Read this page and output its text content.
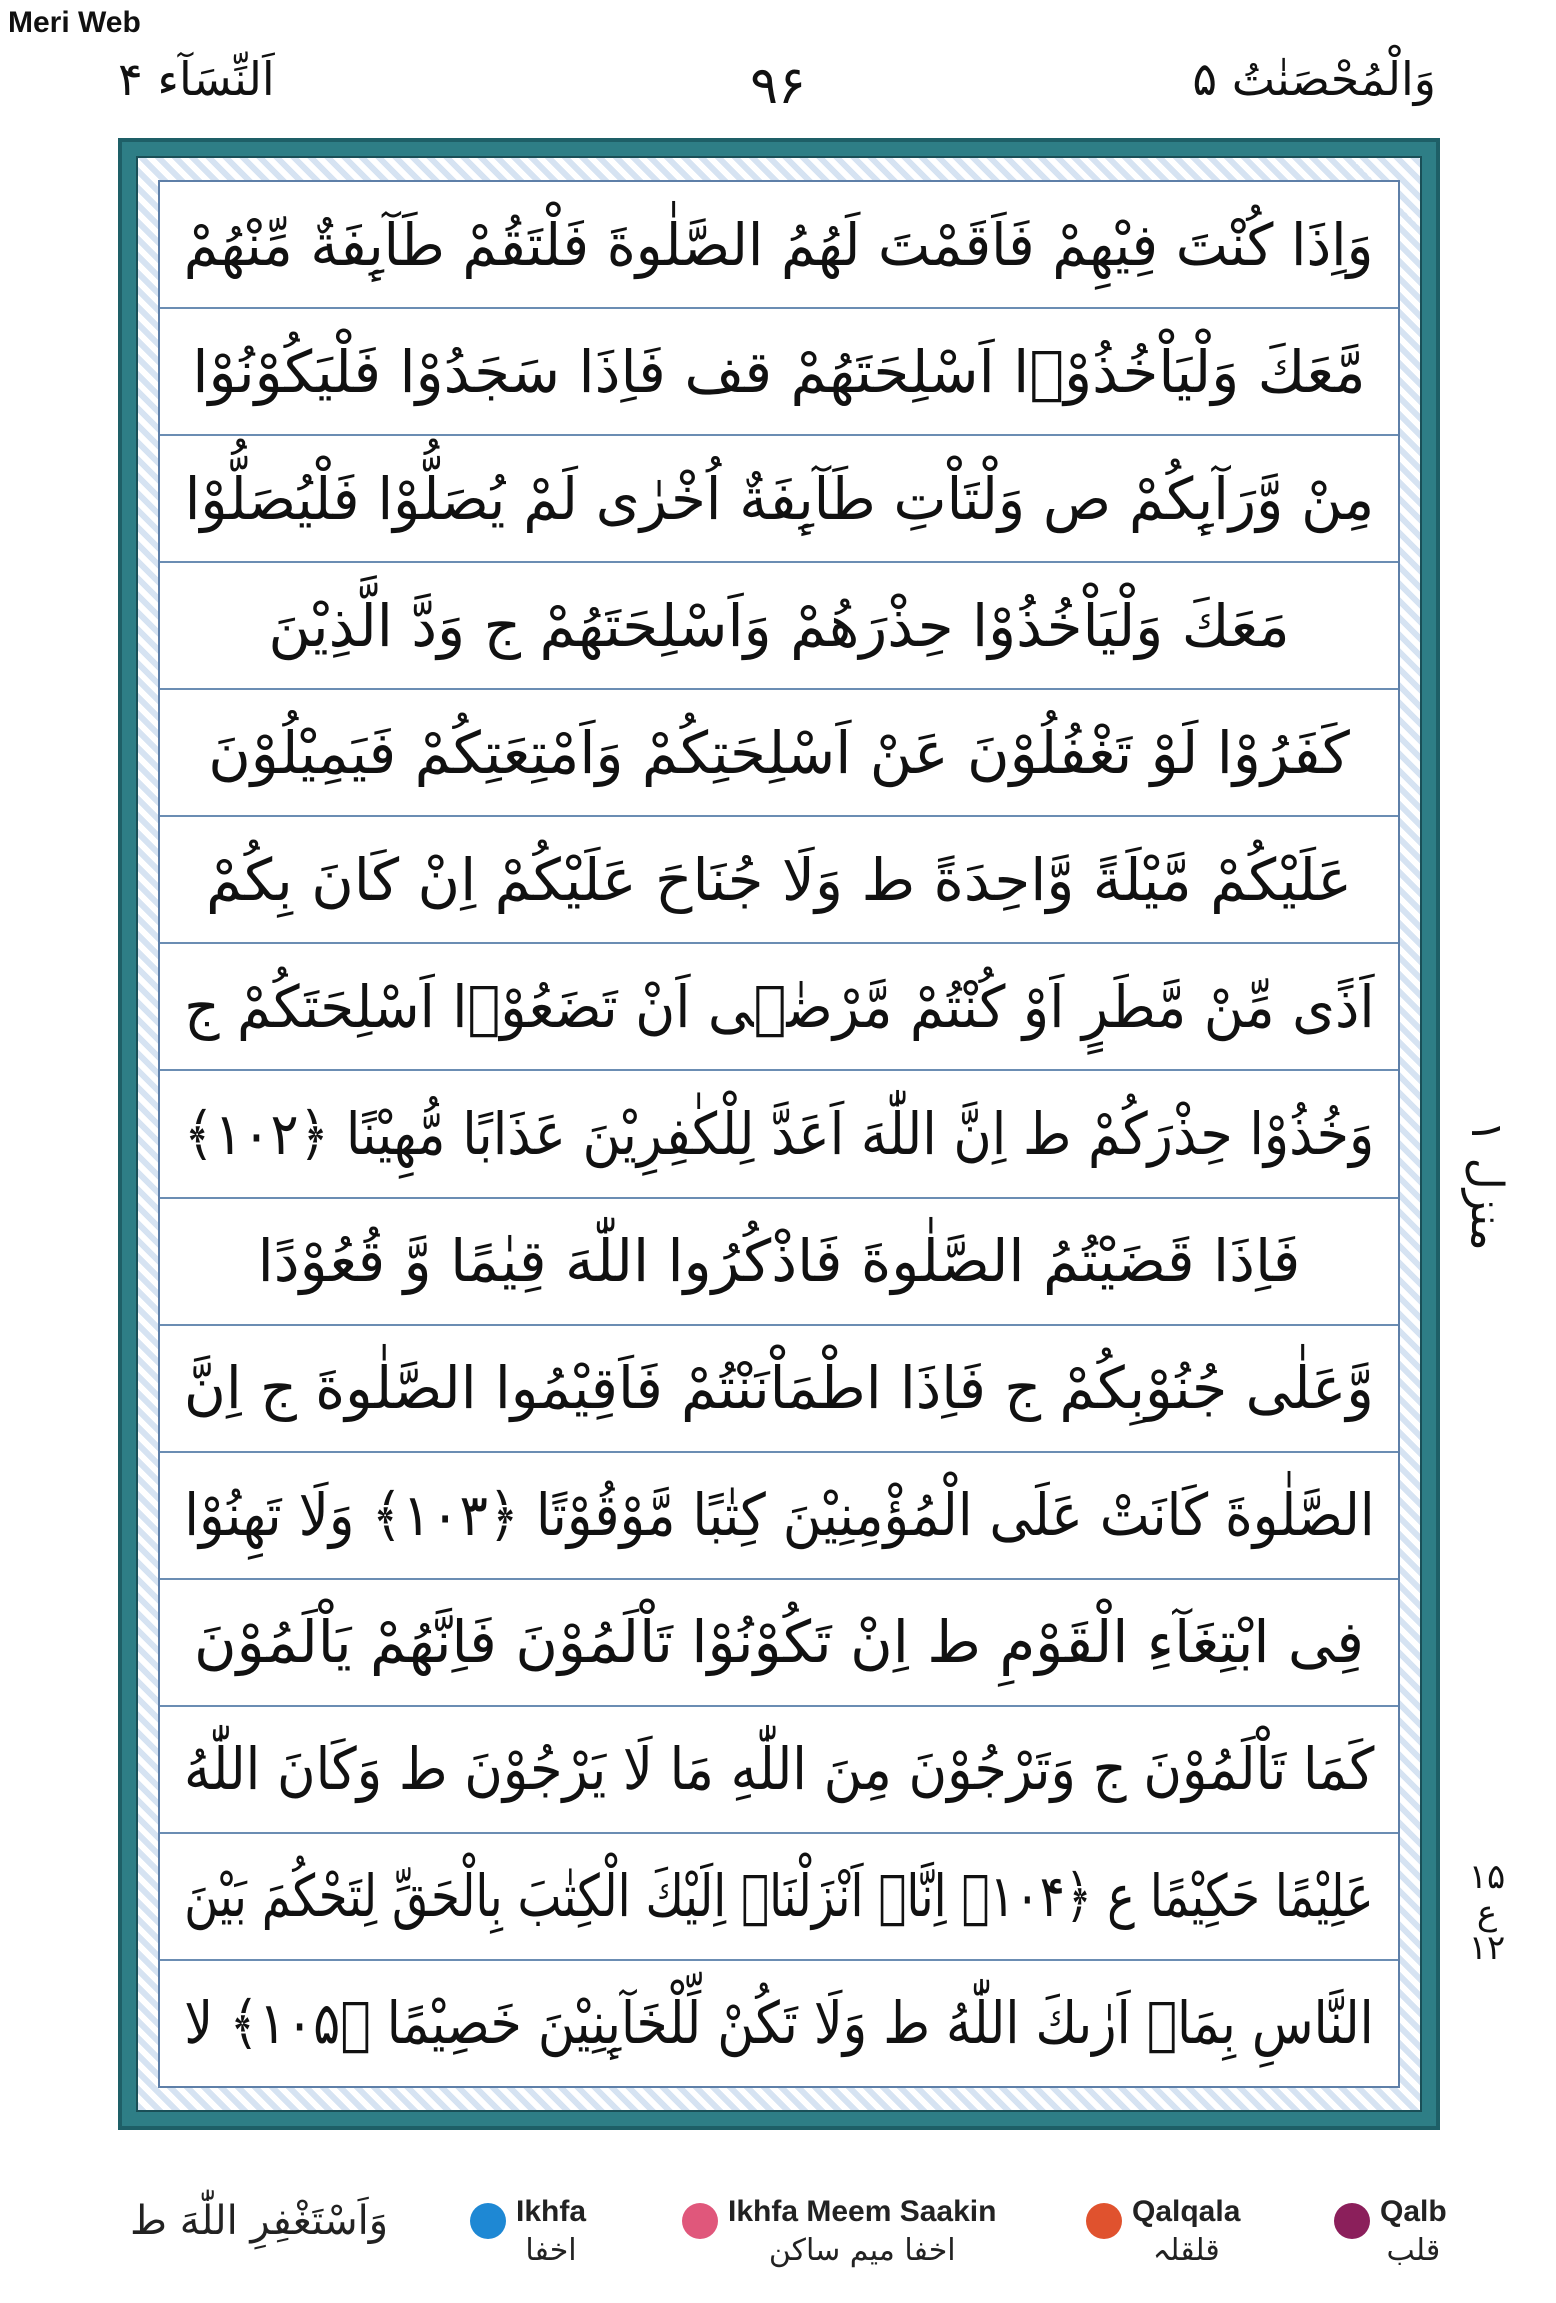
Meri Web
اَلنِّسَآء ۴	۹۶	وَالْمُحْصَنٰتُ ۵
وَاِذَا كُنْتَ فِيْهِمْ فَاَقَمْتَ لَهُمُ الصَّلٰوةَ فَلْتَقُمْ طَآىِٕفَةٌ مِّنْهُمْ
مَّعَكَ وَلْيَاْخُذُوْۤا اَسْلِحَتَهُمْ قف فَاِذَا سَجَدُوْا فَلْيَكُوْنُوْا
مِنْ وَّرَآىِٕكُمْ ص وَلْتَاْتِ طَآىِٕفَةٌ اُخْرٰى لَمْ يُصَلُّوْا فَلْيُصَلُّوْا
مَعَكَ وَلْيَاْخُذُوْا حِذْرَهُمْ وَاَسْلِحَتَهُمْ ج وَدَّ الَّذِيْنَ
كَفَرُوْا لَوْ تَغْفُلُوْنَ عَنْ اَسْلِحَتِكُمْ وَاَمْتِعَتِكُمْ فَيَمِيْلُوْنَ
عَلَيْكُمْ مَّيْلَةً وَّاحِدَةً ط وَلَا جُنَاحَ عَلَيْكُمْ اِنْ كَانَ بِكُمْ
اَذًى مِّنْ مَّطَرٍ اَوْ كُنْتُمْ مَّرْضٰۤى اَنْ تَضَعُوْۤا اَسْلِحَتَكُمْ ج
وَخُذُوْا حِذْرَكُمْ ط اِنَّ اللّٰهَ اَعَدَّ لِلْكٰفِرِيْنَ عَذَابًا مُّهِيْنًا ﴿۱۰۲﴾
فَاِذَا قَضَيْتُمُ الصَّلٰوةَ فَاذْكُرُوا اللّٰهَ قِيٰمًا وَّ قُعُوْدًا
وَّعَلٰى جُنُوْبِكُمْ ج فَاِذَا اطْمَاْنَنْتُمْ فَاَقِيْمُوا الصَّلٰوةَ ج اِنَّ
الصَّلٰوةَ كَانَتْ عَلَى الْمُؤْمِنِيْنَ كِتٰبًا مَّوْقُوْتًا ﴿۱۰۳﴾ وَلَا تَهِنُوْا
فِى ابْتِغَآءِ الْقَوْمِ ط اِنْ تَكُوْنُوْا تَاْلَمُوْنَ فَاِنَّهُمْ يَاْلَمُوْنَ
كَمَا تَاْلَمُوْنَ ج وَتَرْجُوْنَ مِنَ اللّٰهِ مَا لَا يَرْجُوْنَ ط وَكَانَ اللّٰهُ
عَلِيْمًا حَكِيْمًا ع ﴿۱۰۴﴾ اِنَّاۤ اَنْزَلْنَاۤ اِلَيْكَ الْكِتٰبَ بِالْحَقِّ لِتَحْكُمَ بَيْنَ
النَّاسِ بِمَاۤ اَرٰىكَ اللّٰهُ ط وَلَا تَكُنْ لِّلْخَآىِٕنِيْنَ خَصِيْمًا ﴿۱۰۵﴾ لا
منزل ۱
۱۵
ع
۱۲
وَاَسْتَغْفِرِ اللّٰهَ ط	Ikhfa
اخفا
Ikhfa Meem Saakin
اخفا میم ساکن
Qalqala
قلقلہ
Qalb
قلب
